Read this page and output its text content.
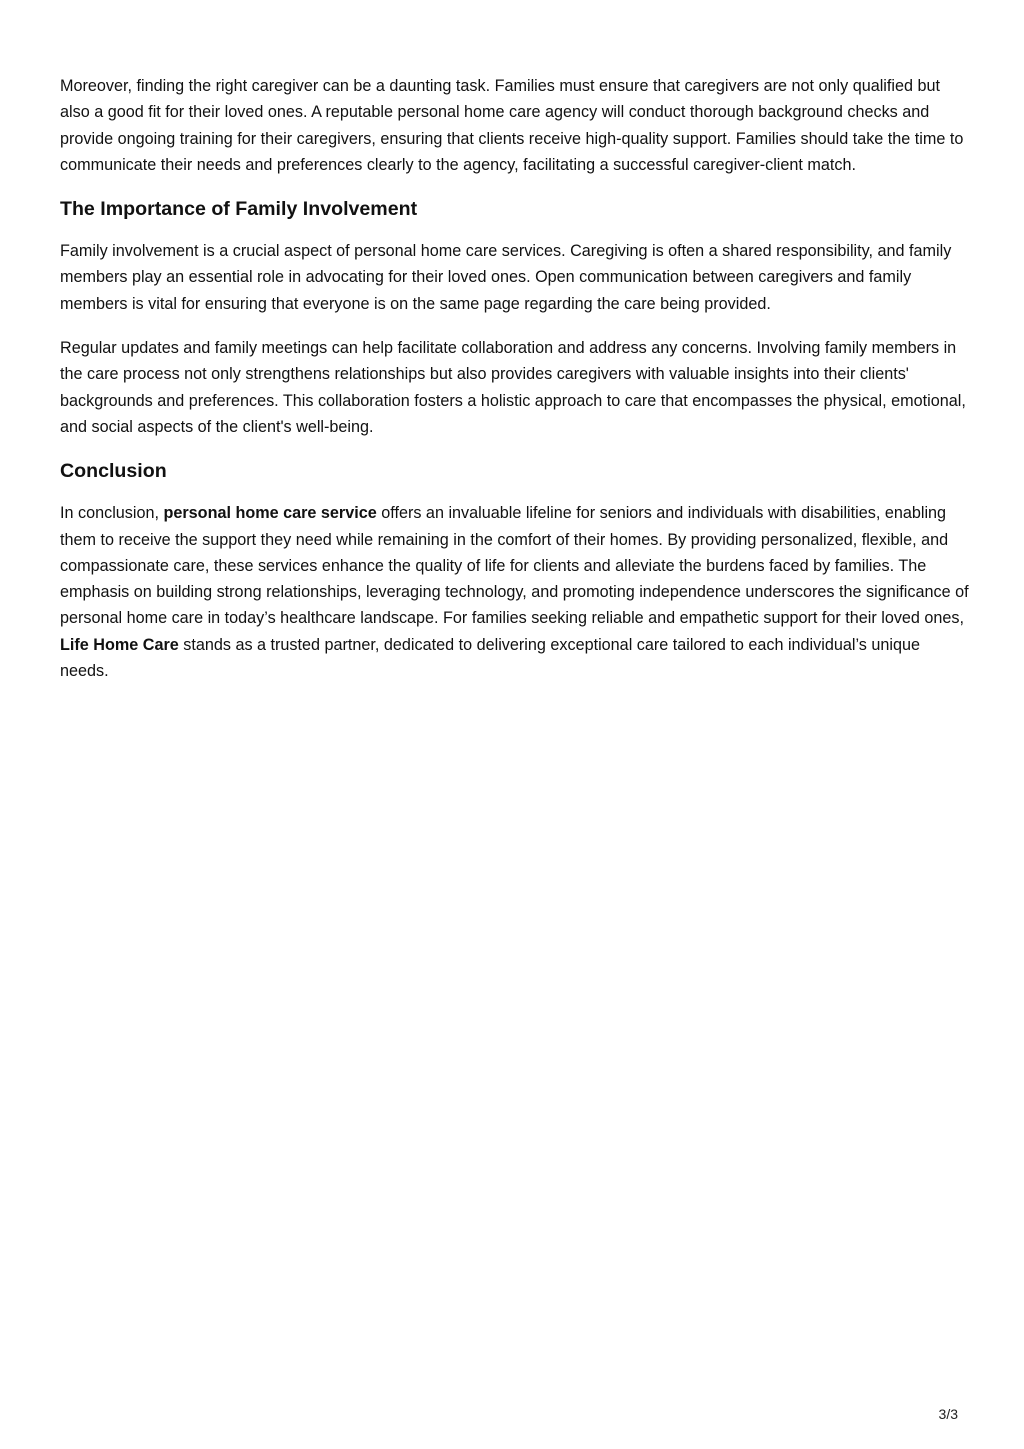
Moreover, finding the right caregiver can be a daunting task. Families must ensure that caregivers are not only qualified but also a good fit for their loved ones. A reputable personal home care agency will conduct thorough background checks and provide ongoing training for their caregivers, ensuring that clients receive high-quality support. Families should take the time to communicate their needs and preferences clearly to the agency, facilitating a successful caregiver-client match.

The Importance of Family Involvement

Family involvement is a crucial aspect of personal home care services. Caregiving is often a shared responsibility, and family members play an essential role in advocating for their loved ones. Open communication between caregivers and family members is vital for ensuring that everyone is on the same page regarding the care being provided.

Regular updates and family meetings can help facilitate collaboration and address any concerns. Involving family members in the care process not only strengthens relationships but also provides caregivers with valuable insights into their clients' backgrounds and preferences. This collaboration fosters a holistic approach to care that encompasses the physical, emotional, and social aspects of the client's well-being.

Conclusion

In conclusion, personal home care service offers an invaluable lifeline for seniors and individuals with disabilities, enabling them to receive the support they need while remaining in the comfort of their homes. By providing personalized, flexible, and compassionate care, these services enhance the quality of life for clients and alleviate the burdens faced by families. The emphasis on building strong relationships, leveraging technology, and promoting independence underscores the significance of personal home care in today’s healthcare landscape. For families seeking reliable and empathetic support for their loved ones, Life Home Care stands as a trusted partner, dedicated to delivering exceptional care tailored to each individual’s unique needs.

3/3
